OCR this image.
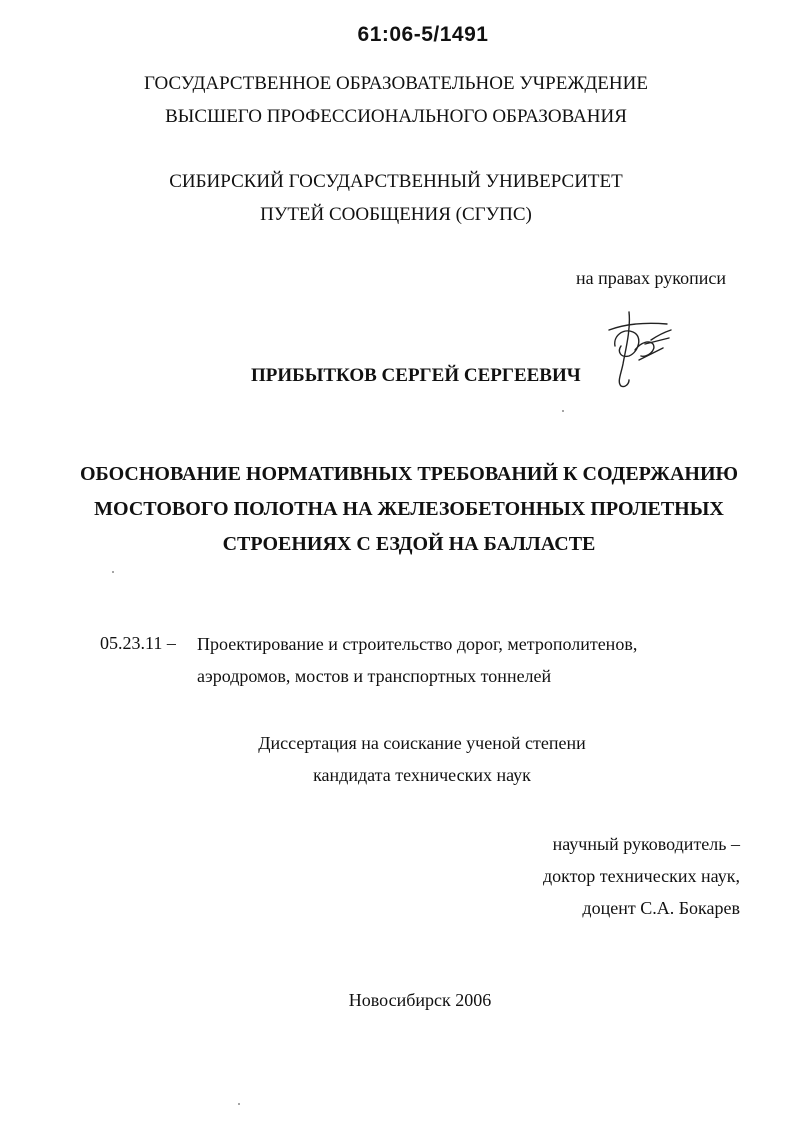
61:06-5/1491
ГОСУДАРСТВЕННОЕ ОБРАЗОВАТЕЛЬНОЕ УЧРЕЖДЕНИЕ
ВЫСШЕГО ПРОФЕССИОНАЛЬНОГО ОБРАЗОВАНИЯ
СИБИРСКИЙ ГОСУДАРСТВЕННЫЙ УНИВЕРСИТЕТ
ПУТЕЙ СООБЩЕНИЯ (СГУПС)
на правах рукописи
ПРИБЫТКОВ СЕРГЕЙ СЕРГЕЕВИЧ
ОБОСНОВАНИЕ НОРМАТИВНЫХ ТРЕБОВАНИЙ К СОДЕРЖАНИЮ
МОСТОВОГО ПОЛОТНА НА ЖЕЛЕЗОБЕТОННЫХ ПРОЛЕТНЫХ
СТРОЕНИЯХ С ЕЗДОЙ НА БАЛЛАСТЕ
05.23.11 – Проектирование и строительство дорог, метрополитенов,
аэродромов, мостов и транспортных тоннелей
Диссертация на соискание ученой степени
кандидата технических наук
научный руководитель –
доктор технических наук,
доцент С.А. Бокарев
Новосибирск 2006
